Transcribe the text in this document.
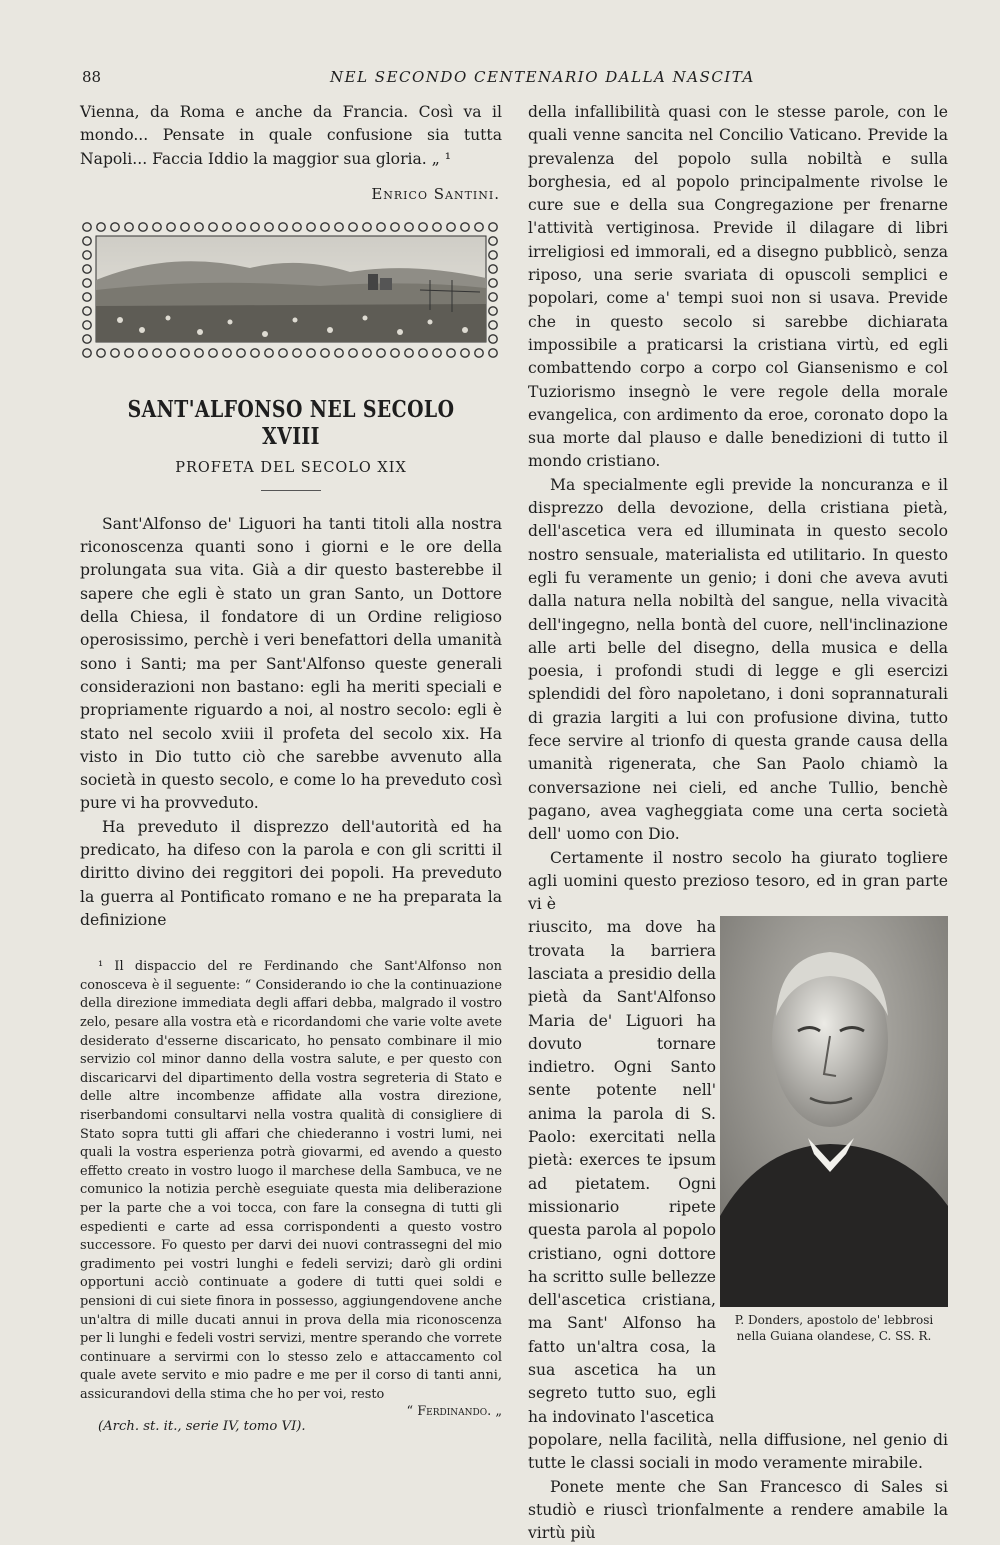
88	NEL SECONDO CENTENARIO DALLA NASCITA

Vienna, da Roma e anche da Francia. Così va il mondo... Pensate in quale confusione sia tutta Napoli... Faccia Iddio la maggior sua gloria. „ ¹

Enrico Santini.

SANT'ALFONSO NEL SECOLO XVIII
PROFETA DEL SECOLO XIX

Sant'Alfonso de' Liguori ha tanti titoli alla nostra riconoscenza quanti sono i giorni e le ore della prolungata sua vita. Già a dir questo basterebbe il sapere che egli è stato un gran Santo, un Dottore della Chiesa, il fondatore di un Ordine religioso operosissimo, perchè i veri benefattori della umanità sono i Santi; ma per Sant'Alfonso queste generali considerazioni non bastano: egli ha meriti speciali e propriamente riguardo a noi, al nostro secolo: egli è stato nel secolo xviii il profeta del secolo xix. Ha visto in Dio tutto ciò che sarebbe avvenuto alla società in questo secolo, e come lo ha preveduto così pure vi ha provveduto.

Ha preveduto il disprezzo dell'autorità ed ha predicato, ha difeso con la parola e con gli scritti il diritto divino dei reggitori dei popoli. Ha preveduto la guerra al Pontificato romano e ne ha preparata la definizione

¹ Il dispaccio del re Ferdinando che Sant'Alfonso non conosceva è il seguente: “ Considerando io che la continuazione della direzione immediata degli affari debba, malgrado il vostro zelo, pesare alla vostra età e ricordandomi che varie volte avete desiderato d'esserne discaricato, ho pensato combinare il mio servizio col minor danno della vostra salute, e per questo con discaricarvi del dipartimento della vostra segreteria di Stato e delle altre incombenze affidate alla vostra direzione, riserbandomi consultarvi nella vostra qualità di consigliere di Stato sopra tutti gli affari che chiederanno i vostri lumi, nei quali la vostra esperienza potrà giovarmi, ed avendo a questo effetto creato in vostro luogo il marchese della Sambuca, ve ne comunico la notizia perchè eseguiate questa mia deliberazione per la parte che a voi tocca, con fare la consegna di tutti gli espedienti e carte ad essa corrispondenti a questo vostro successore. Fo questo per darvi dei nuovi contrassegni del mio gradimento pei vostri lunghi e fedeli servizi; darò gli ordini opportuni acciò continuate a godere di tutti quei soldi e pensioni di cui siete finora in possesso, aggiungendovene anche un'altra di mille ducati annui in prova della mia riconoscenza per li lunghi e fedeli vostri servizi, mentre sperando che vorrete continuare a servirmi con lo stesso zelo e attaccamento col quale avete servito e mio padre e me per il corso di tanti anni, assicurandovi della stima che ho per voi, resto

“ Ferdinando. „

(Arch. st. it., serie IV, tomo VI).

della infallibilità quasi con le stesse parole, con le quali venne sancita nel Concilio Vaticano. Previde la prevalenza del popolo sulla nobiltà e sulla borghesia, ed al popolo principalmente rivolse le cure sue e della sua Congregazione per frenarne l'attività vertiginosa. Previde il dilagare di libri irreligiosi ed immorali, ed a disegno pubblicò, senza riposo, una serie svariata di opuscoli semplici e popolari, come a' tempi suoi non si usava. Previde che in questo secolo si sarebbe dichiarata impossibile a praticarsi la cristiana virtù, ed egli combattendo corpo a corpo col Giansenismo e col Tuziorismo insegnò le vere regole della morale evangelica, con ardimento da eroe, coronato dopo la sua morte dal plauso e dalle benedizioni di tutto il mondo cristiano.

Ma specialmente egli previde la noncuranza e il disprezzo della devozione, della cristiana pietà, dell'ascetica vera ed illuminata in questo secolo nostro sensuale, materialista ed utilitario. In questo egli fu veramente un genio; i doni che aveva avuti dalla natura nella nobiltà del sangue, nella vivacità dell'ingegno, nella bontà del cuore, nell'inclinazione alle arti belle del disegno, della musica e della poesia, i profondi studi di legge e gli esercizi splendidi del fòro napoletano, i doni soprannaturali di grazia largiti a lui con profusione divina, tutto fece servire al trionfo di questa grande causa della umanità rigenerata, che San Paolo chiamò la conversazione nei cieli, ed anche Tullio, benchè pagano, avea vagheggiata come una certa società dell' uomo con Dio.

Certamente il nostro secolo ha giurato togliere agli uomini questo prezioso tesoro, ed in gran parte vi è

riuscito, ma dove ha trovata la barriera lasciata a presidio della pietà da Sant'Alfonso Maria de' Liguori ha dovuto tornare indietro. Ogni Santo sente potente nell' anima la parola di S. Paolo: exercitati nella pietà: exerces te ipsum ad pietatem. Ogni missionario ripete questa parola al popolo cristiano, ogni dottore ha scritto sulle bellezze dell'ascetica cristiana, ma Sant' Alfonso ha fatto un'altra cosa, la sua ascetica ha un segreto tutto suo, egli ha indovinato l'ascetica

P. Donders, apostolo de' lebbrosi nella Guiana olandese, C. SS. R.

popolare, nella facilità, nella diffusione, nel genio di tutte le classi sociali in modo veramente mirabile.

Ponete mente che San Francesco di Sales si studiò e riuscì trionfalmente a rendere amabile la virtù più
